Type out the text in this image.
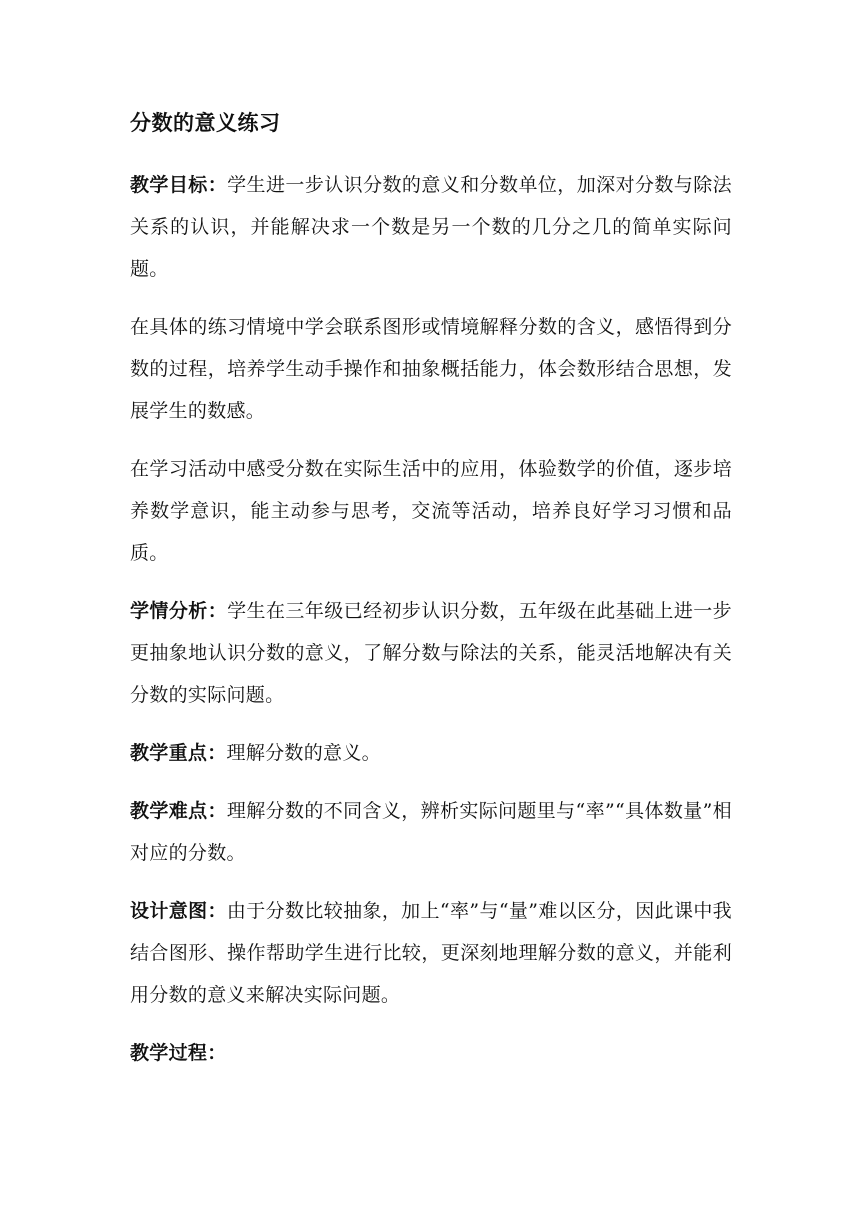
分数的意义练习

教学目标：学生进一步认识分数的意义和分数单位，加深对分数与除法关系的认识，并能解决求一个数是另一个数的几分之几的简单实际问题。

在具体的练习情境中学会联系图形或情境解释分数的含义，感悟得到分数的过程，培养学生动手操作和抽象概括能力，体会数形结合思想，发展学生的数感。

在学习活动中感受分数在实际生活中的应用，体验数学的价值，逐步培养数学意识，能主动参与思考，交流等活动，培养良好学习习惯和品质。

学情分析：学生在三年级已经初步认识分数，五年级在此基础上进一步更抽象地认识分数的意义，了解分数与除法的关系，能灵活地解决有关分数的实际问题。

教学重点：理解分数的意义。

教学难点：理解分数的不同含义，辨析实际问题里与“率”“具体数量”相对应的分数。

设计意图：由于分数比较抽象，加上“率”与“量”难以区分，因此课中我结合图形、操作帮助学生进行比较，更深刻地理解分数的意义，并能利用分数的意义来解决实际问题。

教学过程：
